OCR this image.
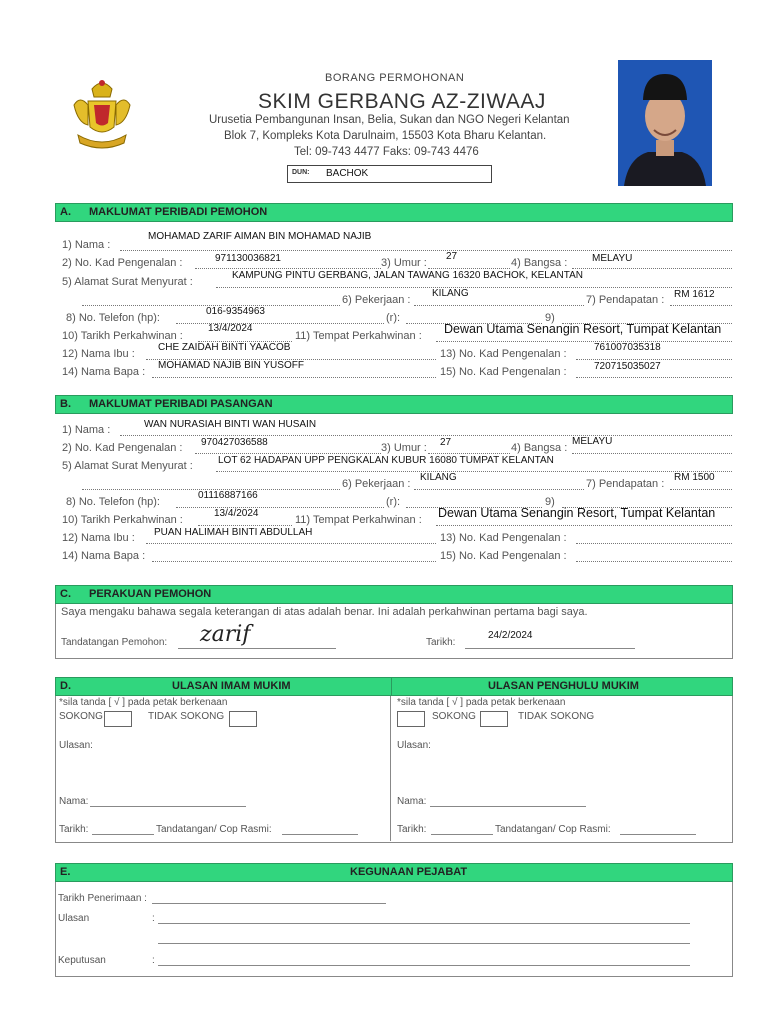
BORANG PERMOHONAN
SKIM GERBANG AZ-ZIWAAJ
Urusetia Pembangunan Insan, Belia, Sukan dan NGO Negeri Kelantan
Blok 7, Kompleks Kota Darulnaim, 15503 Kota Bharu Kelantan.
Tel: 09-743 4477 Faks: 09-743 4476
DUN: BACHOK
A. MAKLUMAT PERIBADI PEMOHON
1) Nama :
MOHAMAD ZARIF AIMAN BIN MOHAMAD NAJIB
2) No. Kad Pengenalan :	971130036821	3) Umur :
27
4) Bangsa : MELAYU
5) Alamat Surat Menyurat :
KAMPUNG PINTU GERBANG, JALAN TAWANG 16320 BACHOK, KELANTAN
6) Pekerjaan :
KILANG
7) Pendapatan : RM 1612
8) No. Telefon (hp):
016-9354963
(r):	9)
10) Tarikh Perkahwinan :
13/4/2024
11) Tempat Perkahwinan : Dewan Utama Senangin Resort, Tumpat Kelantan
12) Nama Ibu :
CHE ZAIDAH BINTI YAACOB
13) No. Kad Pengenalan :
761007035318
14) Nama Bapa :
MOHAMAD NAJIB BIN YUSOFF
15) No. Kad Pengenalan :	720715035027
B. MAKLUMAT PERIBADI PASANGAN
1) Nama :	WAN NURASIAH BINTI WAN HUSAIN
2) No. Kad Pengenalan : 970427036588	3) Umur : 27	4) Bangsa :
MELAYU
5) Alamat Surat Menyurat :	LOT 62 HADAPAN UPP PENGKALAN KUBUR 16080 TUMPAT KELANTAN
6) Pekerjaan :
KILANG
7) Pendapatan :
RM 1500
8) No. Telefon (hp):
01116887166
(r):	9)
10) Tarikh Perkahwinan :
13/4/2024
11) Tempat Perkahwinan : Dewan Utama Senangin Resort, Tumpat Kelantan
12) Nama Ibu : PUAN HALIMAH BINTI ABDULLAH	13) No. Kad Pengenalan :
14) Nama Bapa :	15) No. Kad Pengenalan :
C. PERAKUAN PEMOHON
Saya mengaku bahawa segala keterangan di atas adalah benar. Ini adalah perkahwinan pertama bagi saya.
Tandatangan Pemohon: zarif	Tarikh:
24/2/2024
D.	ULASAN IMAM MUKIM	ULASAN PENGHULU MUKIM
*sila tanda [ √ ] pada petak berkenaan
SOKONG	TIDAK SOKONG
Ulasan:
Nama:
Tarikh:	Tandatangan/ Cop Rasmi:
*sila tanda [ √ ] pada petak berkenaan
SOKONG	TIDAK SOKONG
Ulasan:
Nama:
Tarikh:	Tandatangan/ Cop Rasmi:
E.	KEGUNAAN PEJABAT
Tarikh Penerimaan :
Ulasan	:
Keputusan	:
